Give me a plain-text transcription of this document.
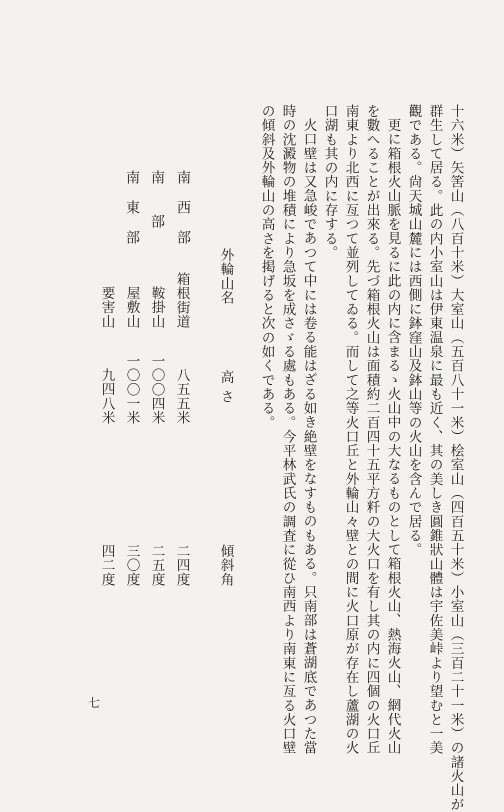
十六米）矢筈山（八百十米）大室山（五百八十一米）桧室山（四百五十米）小室山（三百二十一米）の諸火山が
群生して居る。此の内小室山は伊東温泉に最も近く、其の美しき圓錐狀山體は宇佐美峠より望むと一美
觀である。尙天城山麓には西側に鉢窪山及鉢山等の火山を含んで居る。
更に箱根火山脈を見るに此の内に含まるゝ火山中の大なるものとして箱根火山、熱海火山、網代火山
を數へることが出來る。先づ箱根火山は面積約二百四十五平方粁の大火口を有し其の内に四個の火口丘
南東より北西に亙つて並列してゐる。而して之等火口丘と外輪山々壁との間に火口原が存在し蘆湖の火
口湖も其の内に存する。
火口壁は又急峻であつて中には卷る能はざる如き絶壁をなすものもある。只南部は蒼湖底であつた當
時の沈澱物の堆積により急坂を成さゞる處もある。今平林武氏の調査に從ひ南西より南東に亙る火口壁
の傾斜及外輪山の高さを掲げると次の如くである。
外輪山名
高さ
傾斜角
南西部
箱根街道
八五五米
二四度
南部
鞍掛山
一〇〇四米
二五度
南東部
屋敷山
一〇〇一米
三〇度
要害山
九四八米
四二度
七
